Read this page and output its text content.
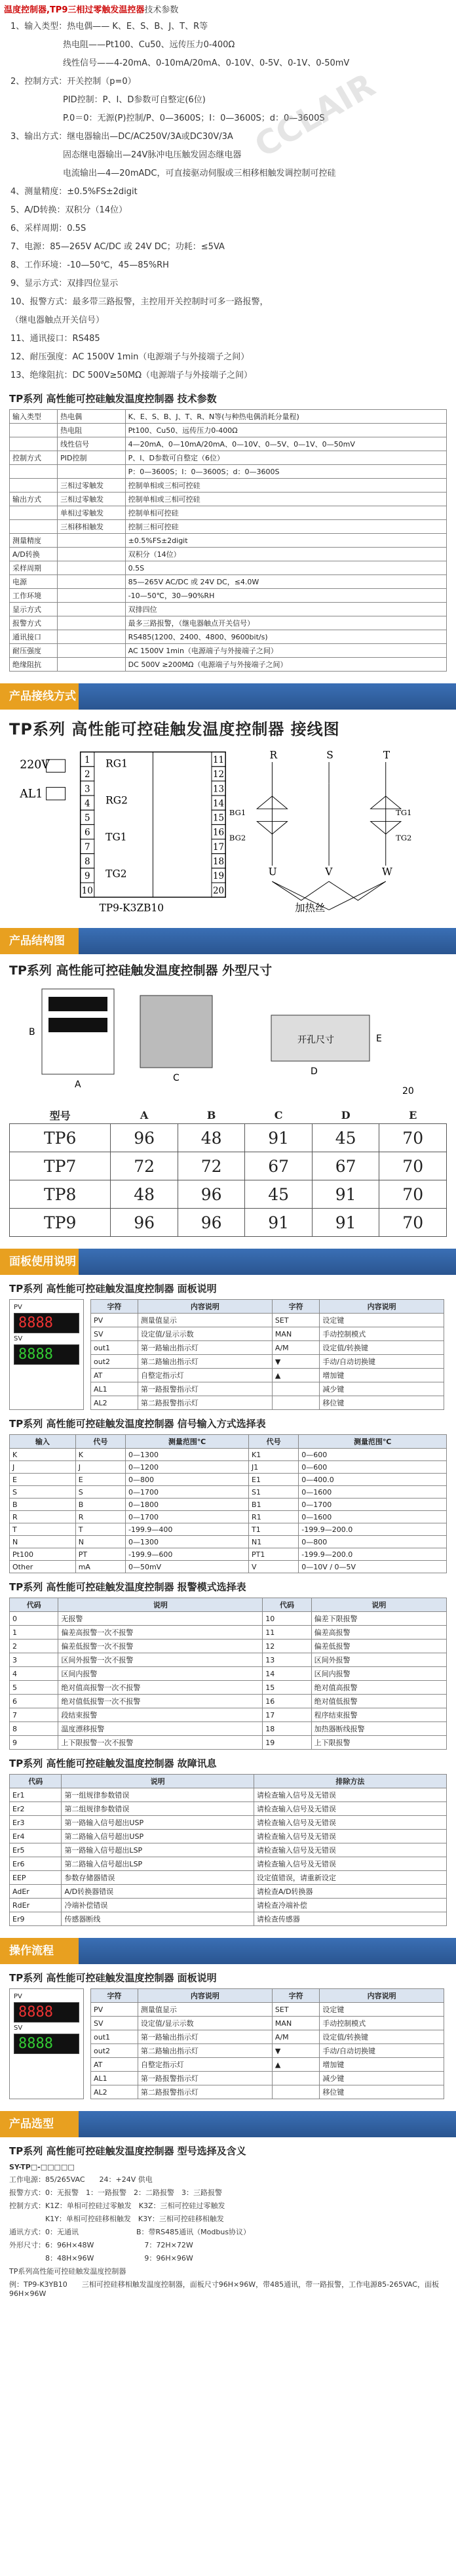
温度控制器,TP9三相过零触发温控器技术参数
CCLAIR
1、输入类型：热电偶—— K、E、S、B、J、T、R等
热电阻——Pt100、Cu50、远传压力0-400Ω
线性信号——4-20mA、0-10mA/20mA、0-10V、0-5V、0-1V、0-50mV
2、控制方式：开关控制（p=0）
PID控制：P、I、D参数可自整定(6位)
P.0＝0：无源(P)控制/P、0—3600S；I：0—3600S；d：0—3600S
3、输出方式：继电器输出—DC/AC250V/3A或DC30V/3A
固态继电器输出—24V脉冲电压触发固态继电器
电流输出—4—20mADC，可直接驱动伺服或三相移相触发调控制可控硅
4、测量精度：±0.5%FS±2digit
5、A/D转换：双积分（14位）
6、采样周期：0.5S
7、电源：85—265V AC/DC 或 24V DC；功耗：≤5VA
8、工作环境：-10—50℃，45—85%RH
9、显示方式：双排四位显示
10、报警方式：最多带三路报警，主控用开关控制时可多一路报警，
（继电器触点开关信号）
11、通讯接口：RS485
12、耐压强度：AC 1500V 1min（电源端子与外接端子之间）
13、绝缘阻抗：DC 500V≥50MΩ（电源端子与外接端子之间）
TP系列 高性能可控硅触发温度控制器 技术参数
输入类型	热电偶	K、E、S、B、J、T、R、N等(与种热电偶消耗分量程)
	热电阻	Pt100、Cu50、远传压力0-400Ω
	线性信号	4—20mA、0—10mA/20mA、0—10V、0—5V、0—1V、0—50mV
控制方式	PID控制	P、I、D参数可自整定（6位）
		P：0—3600S；I：0—3600S；d：0—3600S
	三相过零触发	控制单相或三相可控硅
输出方式	三相过零触发	控制单相或三相可控硅
	单相过零触发	控制单相可控硅
	三相移相触发	控制三相可控硅
测量精度		±0.5%FS±2digit
A/D转换		双积分（14位）
采样周期		0.5S
电源		85—265V AC/DC 或 24V DC，≤4.0W
工作环境		-10—50℃，30—90%RH
显示方式		双排四位
报警方式		最多三路报警，（继电器触点开关信号）
通讯接口		RS485(1200、2400、4800、9600bit/s)
耐压强度		AC 1500V 1min（电源端子与外接端子之间）
绝缘阻抗		DC 500V ≥200MΩ（电源端子与外接端子之间）
产品接线方式
TP系列 高性能可控硅触发温度控制器 接线图
220V
AL1
1
2
3
4
5
6
7
8
9
10
11
12
13
14
15
16
17
18
19
20
RG1
RG2
TG1
TG2
TP9-K3ZB10
R	S	T
U	V	W
加热丝
BG1
BG2
TG1
TG2
产品结构图
TP系列 高性能可控硅触发温度控制器 外型尺寸
A
B
C
D
E
开孔尺寸
20
型号	A	B	C	D	E
TP6	96	48	91	45	70
TP7	72	72	67	67	70
TP8	48	96	45	91	70
TP9	96	96	91	91	70
面板使用说明
TP系列 高性能可控硅触发温度控制器 面板说明
PV
8888
SV
8888
字符	内容说明	字符	内容说明
PV	测量值显示	SET	设定键
SV	设定值/显示示数	MAN	手动控制模式
out1	第一路输出指示灯	A/M	设定值/转换键
out2	第二路输出指示灯	▼	手动/自动切换键
AT	自整定指示灯	▲	增加键
AL1	第一路报警指示灯		减少键
AL2	第二路报警指示灯		移位键
TP系列 高性能可控硅触发温度控制器 信号输入方式选择表
输入	代号	测量范围℃	代号	测量范围℃
K	K	0—1300	K1	0—600
J	J	0—1200	J1	0—600
E	E	0—800	E1	0—400.0
S	S	0—1700	S1	0—1600
B	B	0—1800	B1	0—1700
R	R	0—1700	R1	0—1600
T	T	-199.9—400	T1	-199.9—200.0
N	N	0—1300	N1	0—800
Pt100	PT	-199.9—600	PT1	-199.9—200.0
Other	mA	0—50mV	V	0—10V / 0—5V
TP系列 高性能可控硅触发温度控制器 报警模式选择表
代码	说明	代码	说明
0	无报警	10	偏差下限报警
1	偏差高报警一次不报警	11	偏差高报警
2	偏差低报警一次不报警	12	偏差低报警
3	区间外报警一次不报警	13	区间外报警
4	区间内报警	14	区间内报警
5	绝对值高报警一次不报警	15	绝对值高报警
6	绝对值低报警一次不报警	16	绝对值低报警
7	段结束报警	17	程序结束报警
8	温度漂移报警	18	加热器断线报警
9	上下限报警一次不报警	19	上下限报警
TP系列 高性能可控硅触发温度控制器 故障讯息
代码	说明	排除方法
Er1	第一组规律参数错误	请检查输入信号及无错误
Er2	第二组规律参数错误	请检查输入信号及无错误
Er3	第一路输入信号超出USP	请检查输入信号及无错误
Er4	第二路输入信号超出USP	请检查输入信号及无错误
Er5	第一路输入信号超出LSP	请检查输入信号及无错误
Er6	第二路输入信号超出LSP	请检查输入信号及无错误
EEP	参数存储器错误	设定值错误，请重新设定
AdEr	A/D转换器错误	请检查A/D转换器
RdEr	冷端补偿错误	请检查冷端补偿
Er9	传感器断线	请检查传感器
操作流程
TP系列 高性能可控硅触发温度控制器 面板说明
PV
8888
SV
8888
字符	内容说明	字符	内容说明
PV	测量值显示	SET	设定键
SV	设定值/显示示数	MAN	手动控制模式
out1	第一路输出指示灯	A/M	设定值/转换键
out2	第二路输出指示灯	▼	手动/自动切换键
AT	自整定指示灯	▲	增加键
AL1	第一路报警指示灯		减少键
AL2	第二路报警指示灯		移位键
产品选型
TP系列 高性能可控硅触发温度控制器 型号选择及含义
SY-TP□-□□□□□
工作电源：85/265VAC　　24：+24V 供电
报警方式：0：无报警　1：一路报警　2：二路报警　3：三路报警
控制方式：K1Z：单相可控硅过零触发　K3Z：三相可控硅过零触发
　　　　　K1Y：单相可控硅移相触发　K3Y：三相可控硅移相触发
通讯方式：0：无通讯　　　　　　　　B：带RS485通讯（Modbus协议）
外形尺寸：6：96H×48W　　　　　　　7：72H×72W
　　　　　8：48H×96W　　　　　　　9：96H×96W
TP系列高性能可控硅触发温度控制器
例：TP9-K3YB10　　三相可控硅移相触发温度控制器，面板尺寸96H×96W，带485通讯，带一路报警，工作电源85-265VAC，面板96H×96W
